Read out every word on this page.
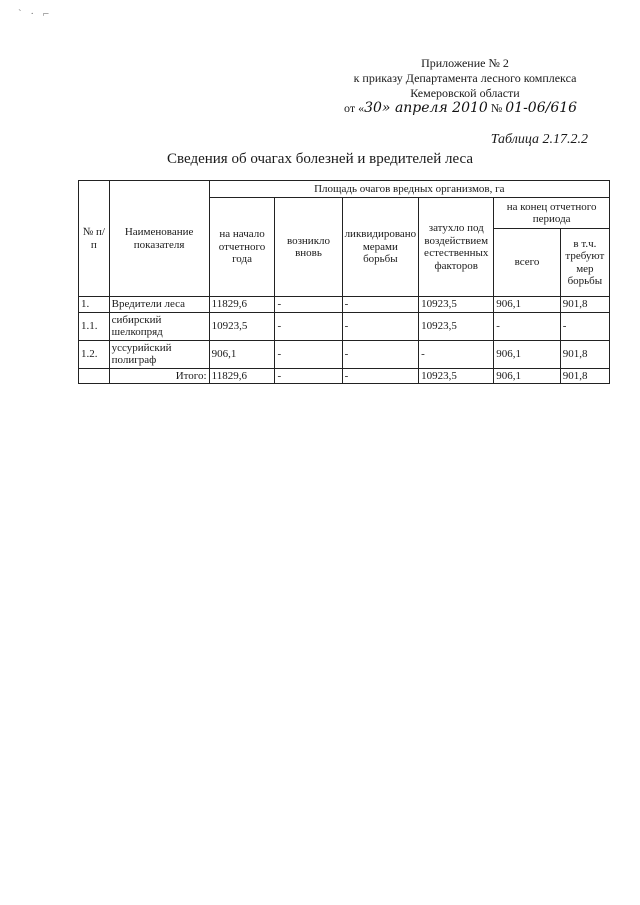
` · ⌐
Приложение № 2
к приказу Департамента лесного комплекса
Кемеровской области
от «30» апреля 2010 № 01-06/616
Таблица 2.17.2.2
Сведения об очагах болезней и вредителей леса
№ п/п	Наименование показателя	Площадь очагов вредных организмов, га					
		на начало отчетного года	возникло вновь	ликвидировано мерами борьбы	затухло под воздействием естественных факторов	на конец отчетного периода	
						всего	в т.ч. требуют мер борьбы
1.	Вредители леса	11829,6	-	-	10923,5	906,1	901,8
1.1.	сибирский шелкопряд	10923,5	-	-	10923,5	-	-
1.2.	уссурийский полиграф	906,1	-	-	-	906,1	901,8
	Итого:	11829,6	-	-	10923,5	906,1	901,8
